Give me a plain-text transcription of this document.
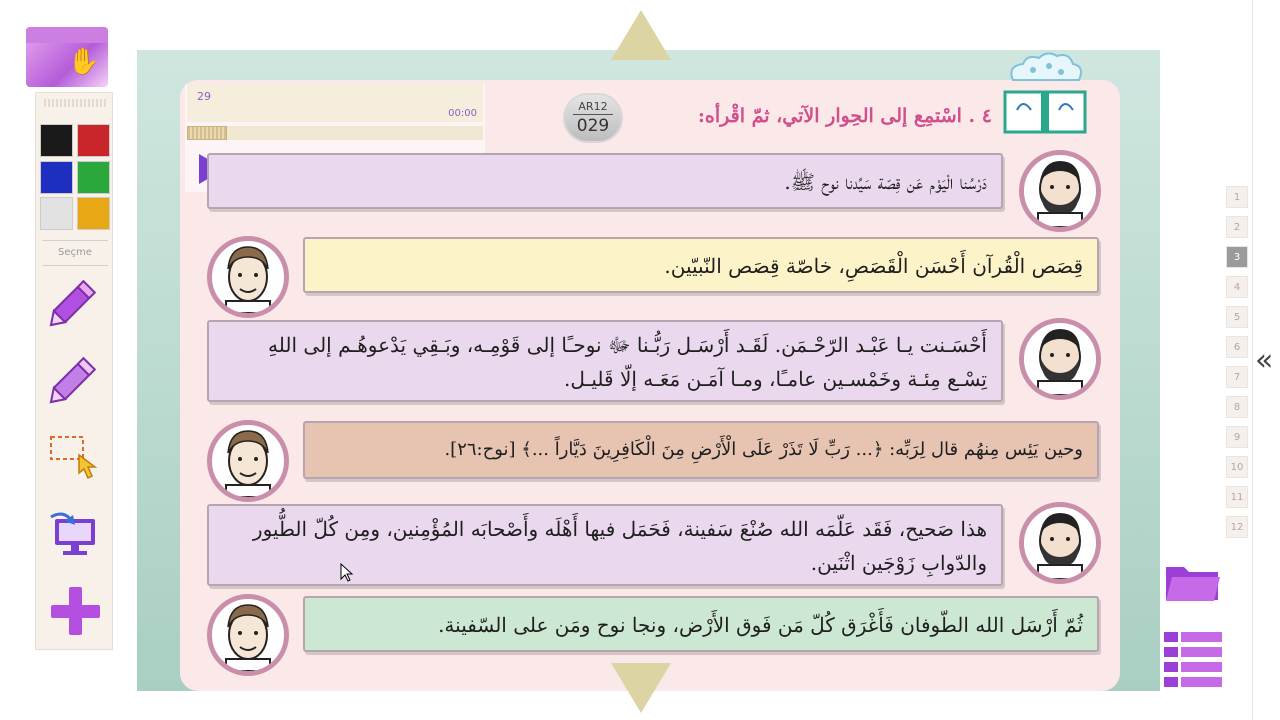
✋
Seçme
٤ . اسْتمِع إلى الحِوار الآتي، ثمّ اقْرأه:
AR12
029
29
00:00
دَرْسُنا الْيَوْم عَن قِصّة سَيِّدنا نوح ﷺ.
قِصَص الْقُرآن أَحْسَن الْقَصَصِ، خاصّة قِصَص النّبيّين.
أَحْسَـنت يـا عَبْـد الرّحْـمَن. لَقَـد أَرْسَـل رَبُّـنا ﷻ نوحـًا إلى قَوْمِـه، وبَـقِي يَدْعوهُـم إلى اللهِ تِسْـع مِئـة وخَمْسـين عامـًا، ومـا آمَـن مَعَـه إلّا قَليـل.
وحين يَئِس مِنهُم قال لِرَبِّه: ﴿... رَبِّ لَا تَذَرْ عَلَى الْأَرْضِ مِنَ الْكَافِرِينَ دَيَّاراً ...﴾ [نوح:٢٦].
هذا صَحيح، فَقَد عَلّمَه الله صُنْعَ سَفينة، فَحَمَل فيها أَهْلَه وأَصْحابَه المُؤْمِنين، ومِن كُلّ الطُّيور والدّوابِ زَوْجَين اثْنَين.
ثُمّ أَرْسَل الله الطّوفان فَأَغْرَق كُلّ مَن فَوق الأَرْض، ونجا نوح ومَن على السّفينة.
1
2
3
4
5
6
7
8
9
10
11
12
«
